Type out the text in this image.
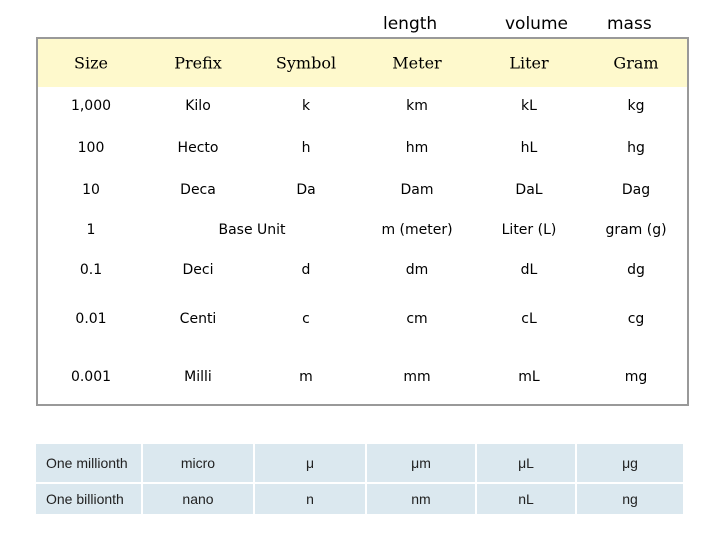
length	volume mass
Size	Prefix	Symbol	Meter	Liter	Gram
1,000	Kilo	k	km	kL	kg
100	Hecto	h	hm	hL	hg
10	Deca	Da	Dam	DaL	Dag
1	Base Unit	m (meter)	Liter (L)	gram (g)
0.1	Deci	d	dm	dL	dg
0.01	Centi	c	cm	cL	cg
0.001	Milli	m	mm	mL	mg
One millionth	micro	μ	μm	μL	μg
One billionth	nano	n	nm	nL	ng
